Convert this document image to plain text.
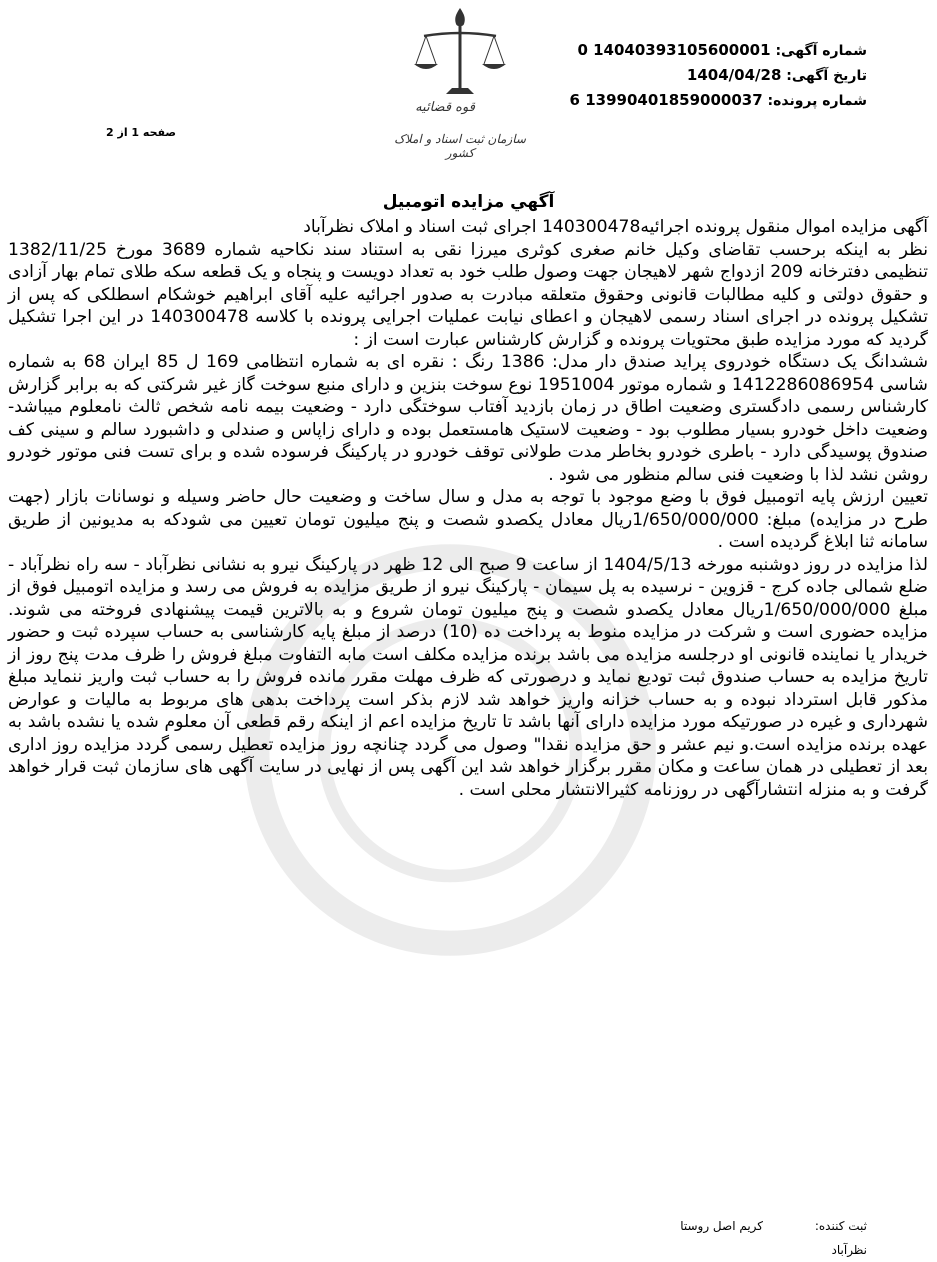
شماره آگهی: 14040393105600001 0
تاریخ آگهی: 1404/04/28
شماره پرونده: 13990401859000037 6
قوه قضائیه
سازمان ثبت اسناد و املاک کشور
صفحه 1 از 2
آگهي مزايده اتومبيل

آگهی مزایده اموال منقول پرونده اجرائیه140300478 اجرای ثبت اسناد و املاک نظرآباد

نظر به اینکه برحسب تقاضای وکیل خانم صغری کوثری میرزا نقی به استناد سند نکاحیه شماره 3689 مورخ 1382/11/25 تنظیمی دفترخانه 209 ازدواج شهر لاهیجان جهت وصول طلب خود به تعداد دویست و پنجاه و یک قطعه سکه طلای تمام بهار آزادی و حقوق دولتی و کلیه مطالبات قانونی وحقوق متعلقه مبادرت به صدور اجرائیه علیه آقای ابراهیم خوشکام اسطلکی که پس از تشکیل پرونده در اجرای اسناد رسمی لاهیجان و اعطای نیابت عملیات اجرایی پرونده با کلاسه 140300478 در این اجرا تشکیل گردید که مورد مزایده طبق محتویات پرونده و گزارش کارشناس عبارت است از :

ششدانگ یک دستگاه خودروی پراید صندق دار مدل: 1386 رنگ : نقره ای به شماره انتظامی 169 ل 85 ایران 68 به شماره شاسی 1412286086954 و شماره موتور 1951004 نوع سوخت بنزین و دارای منبع سوخت گاز غیر شرکتی که به برابر گزارش کارشناس رسمی دادگستری وضعیت اطاق در زمان بازدید آفتاب سوختگی دارد - وضعیت بیمه نامه شخص ثالث نامعلوم میباشد-وضعیت داخل خودرو بسیار مطلوب بود - وضعیت لاستیک هامستعمل بوده و دارای زاپاس و صندلی و داشبورد سالم و سینی کف صندوق پوسیدگی دارد - باطری خودرو بخاطر مدت طولانی توقف خودرو در پارکینگ فرسوده شده و برای تست فنی موتور خودرو روشن نشد لذا با وضعیت فنی سالم منظور می شود .

تعیین ارزش پایه اتومبیل فوق با وضع موجود با توجه به مدل و سال ساخت و وضعیت حال حاضر وسیله و نوسانات بازار (جهت طرح در مزایده) مبلغ: 1/650/000/000ریال معادل یکصدو شصت و پنج میلیون تومان تعیین می شودکه به مدیونین از طریق سامانه ثنا ابلاغ گردیده است .

لذا مزایده در روز دوشنبه مورخه 1404/5/13 از ساعت 9 صبح الی 12 ظهر در پارکینگ نیرو به نشانی نظرآباد - سه راه نظرآباد - ضلع شمالی جاده کرج - قزوین - نرسیده به پل سیمان - پارکینگ نیرو از طریق مزایده به فروش می رسد و مزایده اتومبیل فوق از مبلغ 1/650/000/000ریال معادل یکصدو شصت و پنج میلیون تومان شروع و به بالاترین قیمت پیشنهادی فروخته می شوند. مزایده حضوری است و شرکت در مزایده منوط به پرداخت ده (10) درصد از مبلغ پایه کارشناسی به حساب سپرده ثبت و حضور خریدار یا نماینده قانونی او درجلسه مزایده می باشد برنده مزایده مکلف است مابه التفاوت مبلغ فروش را ظرف مدت پنج روز از تاریخ مزایده به حساب صندوق ثبت تودیع نماید و درصورتی که ظرف مهلت مقرر مانده فروش را به حساب ثبت واریز ننماید مبلغ مذکور قابل استرداد نبوده و به حساب خزانه واریز خواهد شد لازم بذکر است پرداخت بدهی های مربوط به مالیات و عوارض شهرداری و غیره در صورتیکه مورد مزایده دارای آنها باشد تا تاریخ مزایده اعم از اینکه رقم قطعی آن معلوم شده یا نشده باشد به عهده برنده مزایده است.و نیم عشر و حق مزایده نقدا" وصول می گردد چنانچه روز مزایده تعطیل رسمی گردد مزایده روز اداری بعد از تعطیلی در همان ساعت و مکان مقرر برگزار خواهد شد این آگهی پس از نهایی در سایت آگهی های سازمان ثبت قرار خواهد گرفت و به منزله انتشارآگهی در روزنامه کثیرالانتشار محلی است .

ثبت کننده: کریم اصل روستا
نظرآباد
